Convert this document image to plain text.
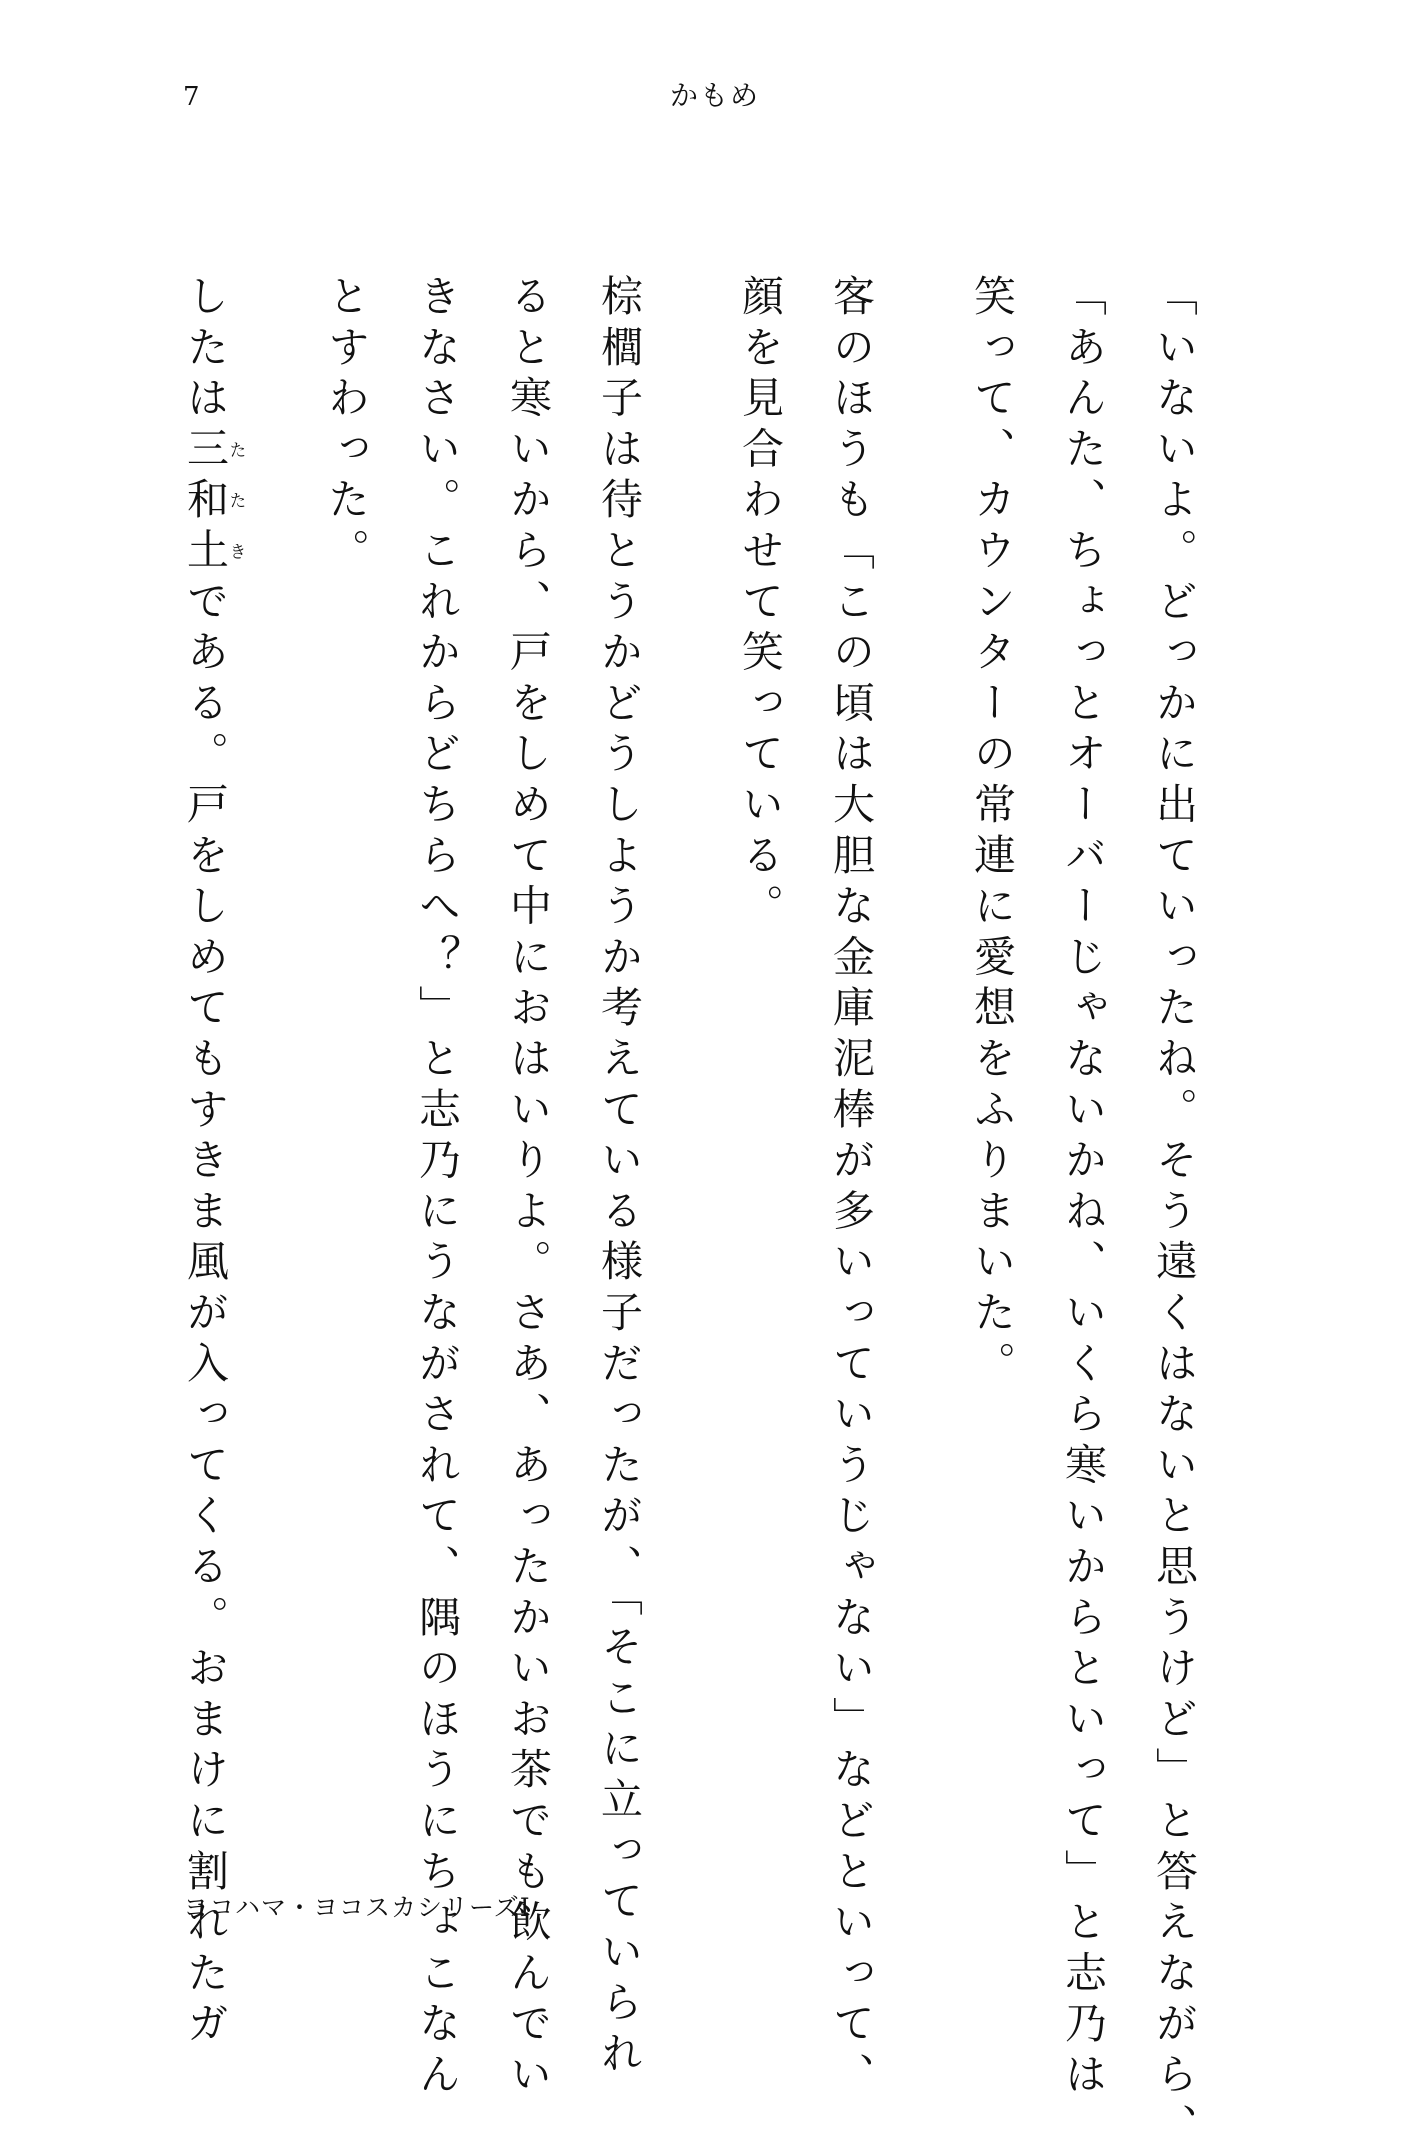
7	かもめ

「いないよ。どっかに出ていったね。そう遠くはないと思うけど」と答えながら、

「あんた、ちょっとオーバーじゃないかね、いくら寒いからといって」と志乃は

笑って、カウンターの常連に愛想をふりまいた。

客のほうも「この頃は大胆な金庫泥棒が多いっていうじゃない」などといって、

顔を見合わせて笑っている。

棕櫚子は待とうかどうしようか考えている様子だったが、「そこに立っていられ

ると寒いから、戸をしめて中におはいりよ。さあ、あったかいお茶でも飲んでい

きなさい。これからどちらへ？」と志乃にうながされて、隅のほうにちょこなん

とすわった。

したは三和土たたきである。戸をしめてもすきま風が入ってくる。おまけに割れたガ

ヨコハマ・ヨコスカシリーズⅠ
